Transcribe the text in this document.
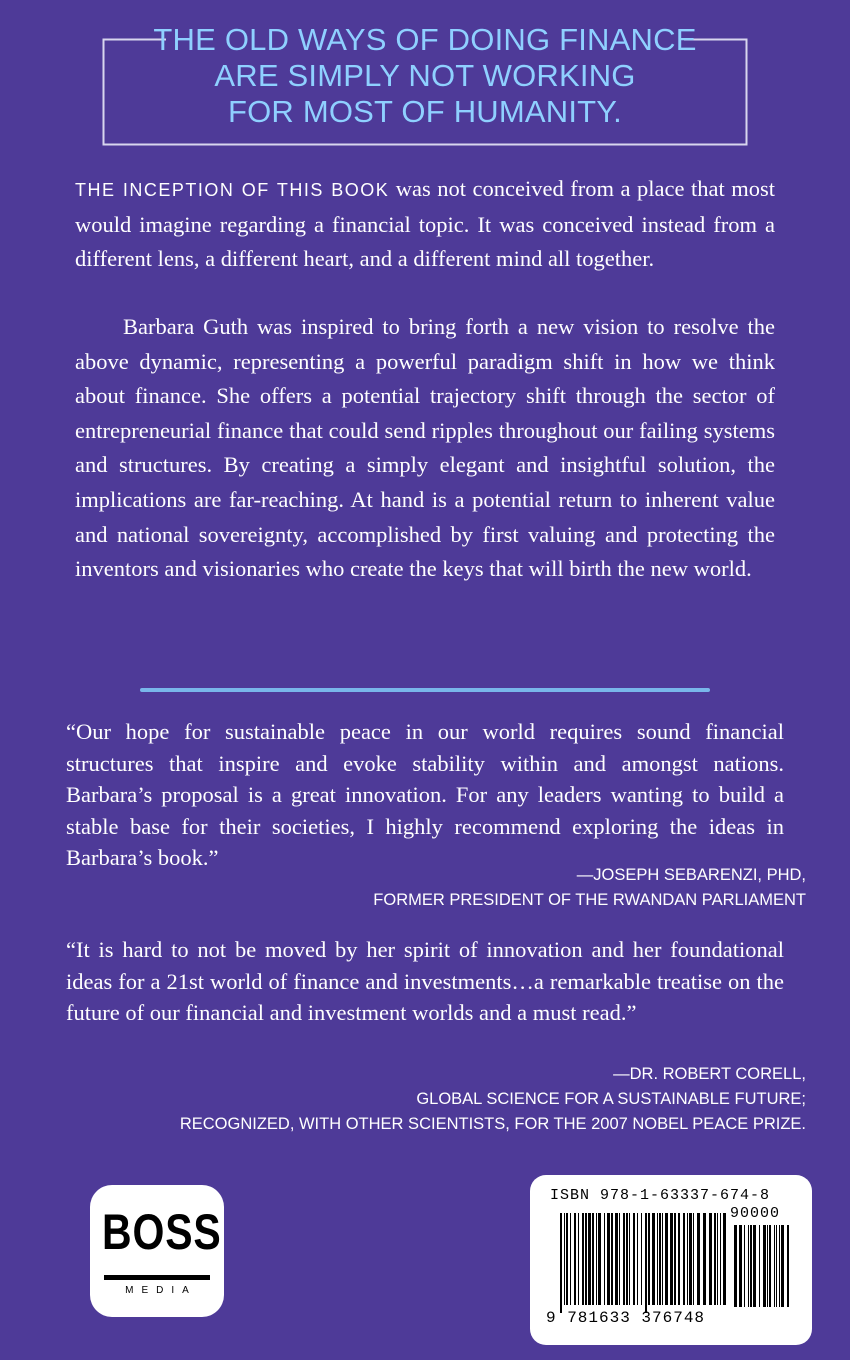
THE OLD WAYS OF DOING FINANCE
ARE SIMPLY NOT WORKING
FOR MOST OF HUMANITY.

THE INCEPTION OF THIS BOOK was not conceived from a place that most would imagine regarding a financial topic. It was conceived instead from a different lens, a different heart, and a different mind all together.

Barbara Guth was inspired to bring forth a new vision to resolve the above dynamic, representing a powerful paradigm shift in how we think about finance. She offers a potential trajectory shift through the sector of entrepreneurial finance that could send ripples throughout our failing systems and structures. By creating a simply elegant and insightful solution, the implications are far-reaching. At hand is a potential return to inherent value and national sovereignty, accomplished by first valuing and protecting the inventors and visionaries who create the keys that will birth the new world.

“Our hope for sustainable peace in our world requires sound financial structures that inspire and evoke stability within and amongst nations. Barbara’s proposal is a great innovation. For any leaders wanting to build a stable base for their societies, I highly recommend exploring the ideas in Barbara’s book.”
—JOSEPH SEBARENZI, PHD,
FORMER PRESIDENT OF THE RWANDAN PARLIAMENT
“It is hard to not be moved by her spirit of innovation and her foundational ideas for a 21st world of finance and investments…a remarkable treatise on the future of our financial and investment worlds and a must read.”
—DR. ROBERT CORELL,
GLOBAL SCIENCE FOR A SUSTAINABLE FUTURE;
RECOGNIZED, WITH OTHER SCIENTISTS, FOR THE 2007 NOBEL PEACE PRIZE.
BOSS
MEDIA
ISBN 978-1-63337-674-8
90000
9 781633 376748
